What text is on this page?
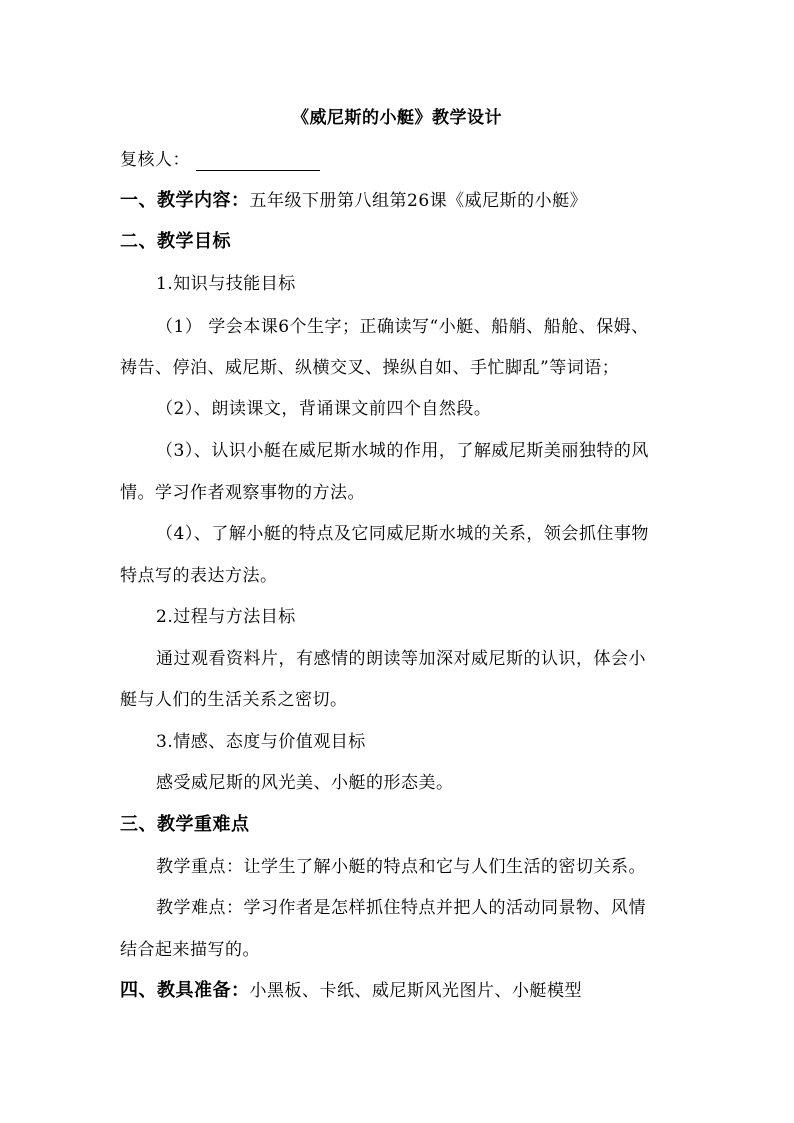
《威尼斯的小艇》教学设计
复核人：
一、教学内容：五年级下册第八组第26课《威尼斯的小艇》
二、教学目标
1.知识与技能目标
（1） 学会本课6个生字；正确读写“小艇、船艄、船舱、保姆、
祷告、停泊、威尼斯、纵横交叉、操纵自如、手忙脚乱”等词语；
（2）、朗读课文，背诵课文前四个自然段。
（3）、认识小艇在威尼斯水城的作用，了解威尼斯美丽独特的风
情。学习作者观察事物的方法。
（4）、了解小艇的特点及它同威尼斯水城的关系，领会抓住事物
特点写的表达方法。
2.过程与方法目标
通过观看资料片，有感情的朗读等加深对威尼斯的认识，体会小
艇与人们的生活关系之密切。
3.情感、态度与价值观目标
感受威尼斯的风光美、小艇的形态美。
三、教学重难点
教学重点：让学生了解小艇的特点和它与人们生活的密切关系。
教学难点：学习作者是怎样抓住特点并把人的活动同景物、风情
结合起来描写的。
四、教具准备：小黑板、卡纸、威尼斯风光图片、小艇模型
